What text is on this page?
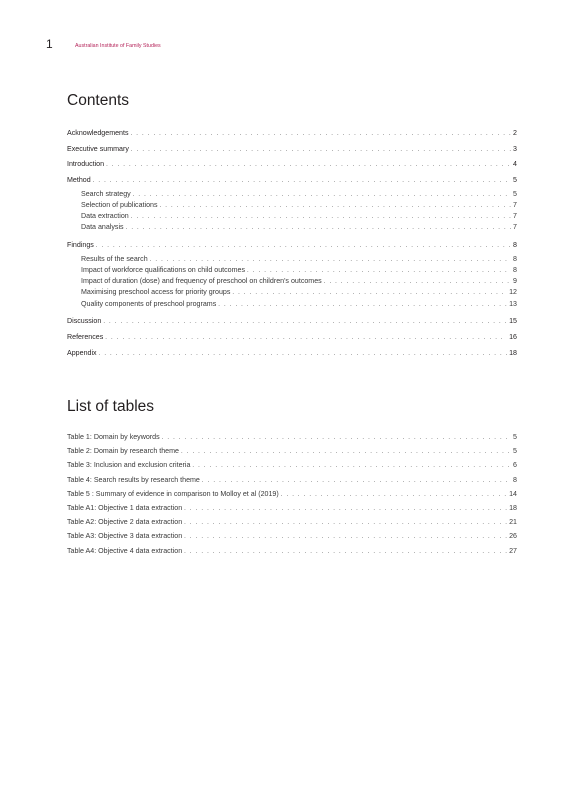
1	Australian Institute of Family Studies
Contents
Acknowledgements . . .	2
Executive summary . . .	3
Introduction . . .	4
Method . . .	5
Search strategy . . .	5
Selection of publications . . .	7
Data extraction . . .	7
Data analysis . . .	7
Findings . . .	8
Results of the search . . .	8
Impact of workforce qualifications on child outcomes . . .	8
Impact of duration (dose) and frequency of preschool on children's outcomes . . .	9
Maximising preschool access for priority groups . . .	12
Quality components of preschool programs . . .	13
Discussion . . .	15
References . . .	16
Appendix . . .	18
List of tables
Table 1: Domain by keywords . . .	5
Table 2: Domain by research theme . . .	5
Table 3: Inclusion and exclusion criteria . . .	6
Table 4: Search results by research theme . . .	8
Table 5 : Summary of evidence in comparison to Molloy et al (2019) . . .	14
Table A1: Objective 1 data extraction . . .	18
Table A2: Objective 2 data extraction . . .	21
Table A3: Objective 3 data extraction . . .	26
Table A4: Objective 4 data extraction . . .	27
